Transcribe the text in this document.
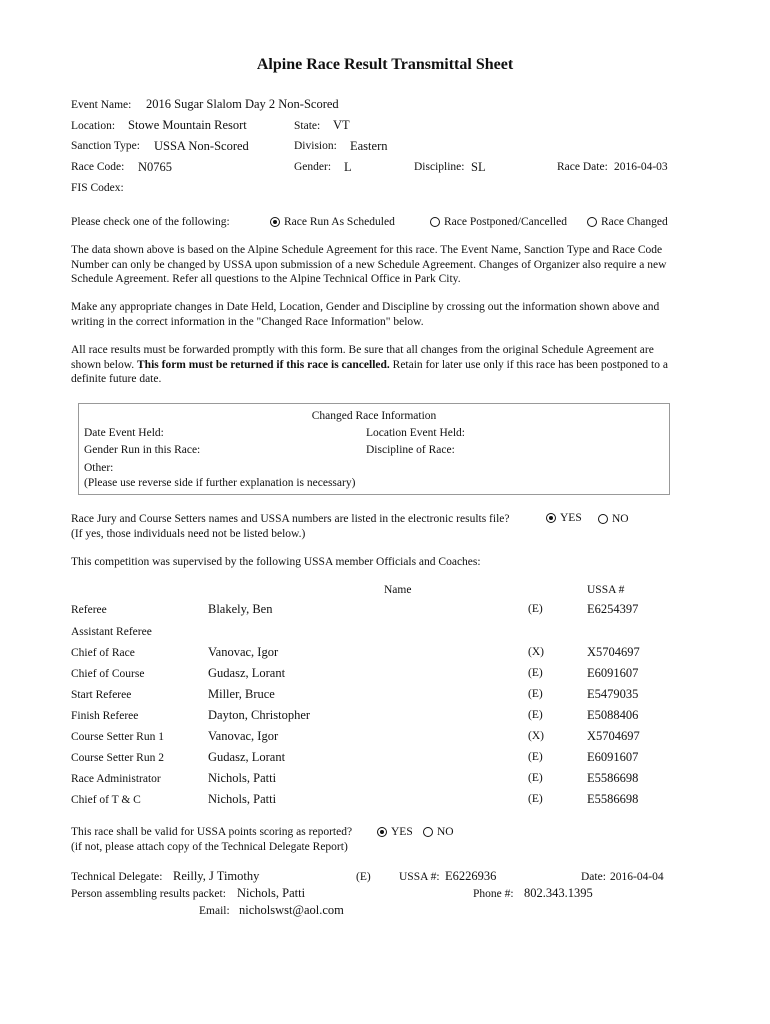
Alpine Race Result Transmittal Sheet
Event Name: 2016 Sugar Slalom Day 2 Non-Scored
Location: Stowe Mountain Resort	State: VT
Sanction Type: USSA Non-Scored	Division: Eastern
Race Code: N0765	Gender: L	Discipline: SL	Race Date: 2016-04-03
FIS Codex:
Please check one of the following:	Race Run As Scheduled	Race Postponed/Cancelled	Race Changed
The data shown above is based on the Alpine Schedule Agreement for this race. The Event Name, Sanction Type and Race Code Number can only be changed by USSA upon submission of a new Schedule Agreement. Changes of Organizer also require a new Schedule Agreement. Refer all questions to the Alpine Technical Office in Park City.
Make any appropriate changes in Date Held, Location, Gender and Discipline by crossing out the information shown above and writing in the correct information in the "Changed Race Information" below.
All race results must be forwarded promptly with this form. Be sure that all changes from the original Schedule Agreement are shown below. This form must be returned if this race is cancelled. Retain for later use only if this race has been postponed to a definite future date.
Changed Race Information
Date Event Held:	Location Event Held:
Gender Run in this Race:	Discipline of Race:
Other:
(Please use reverse side if further explanation is necessary)
Race Jury and Course Setters names and USSA numbers are listed in the electronic results file?
(If yes, those individuals need not be listed below.)
YES	NO
This competition was supervised by the following USSA member Officials and Coaches:
Name	USSA #
Referee	Blakely, Ben	(E)	E6254397
Assistant Referee
Chief of Race	Vanovac, Igor	(X)	X5704697
Chief of Course	Gudasz, Lorant	(E)	E6091607
Start Referee	Miller, Bruce	(E)	E5479035
Finish Referee	Dayton, Christopher	(E)	E5088406
Course Setter Run 1	Vanovac, Igor	(X)	X5704697
Course Setter Run 2	Gudasz, Lorant	(E)	E6091607
Race Administrator	Nichols, Patti	(E)	E5586698
Chief of T & C	Nichols, Patti	(E)	E5586698
This race shall be valid for USSA points scoring as reported?
(if not, please attach copy of the Technical Delegate Report)
YES	NO
Technical Delegate: Reilly, J Timothy	(E) USSA #: E6226936	Date: 2016-04-04
Person assembling results packet: Nichols, Patti	Phone #: 802.343.1395
Email: nicholswst@aol.com
